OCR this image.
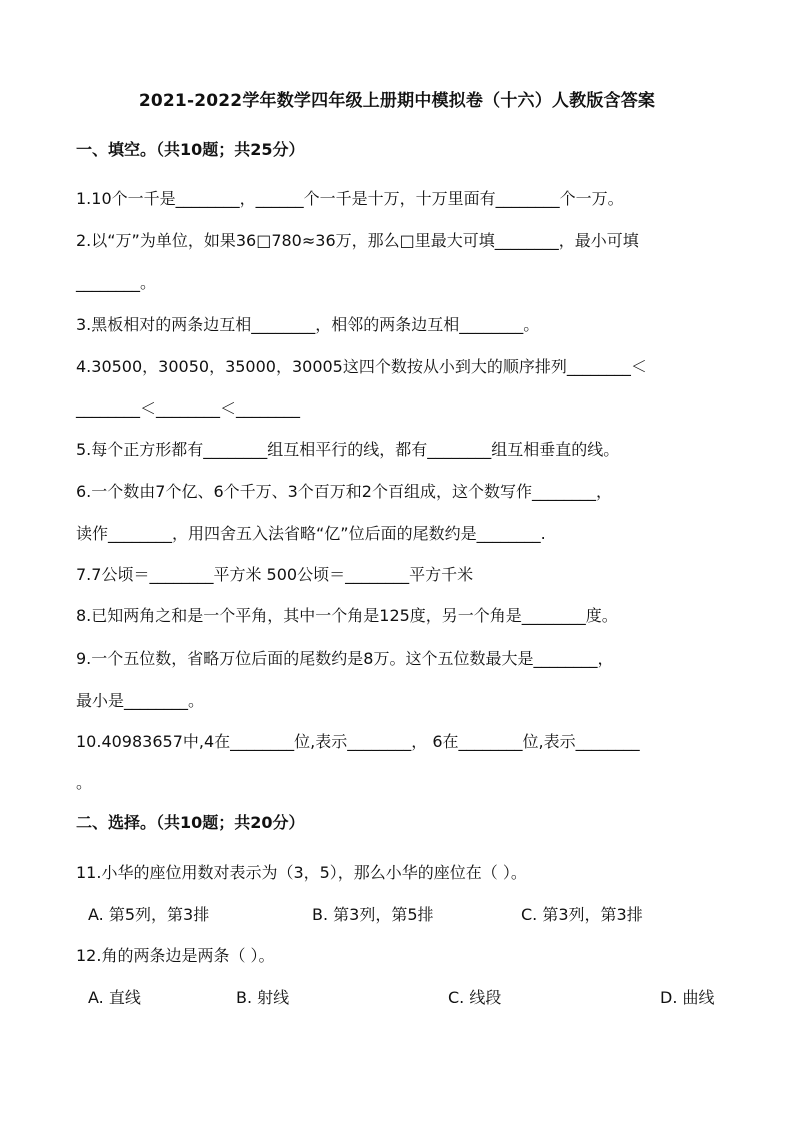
2021-2022学年数学四年级上册期中模拟卷（十六）人教版含答案
一、填空。（共10题；共25分）
1.10个一千是________，______个一千是十万，十万里面有________个一万。
2.以“万”为单位，如果36□780≈36万，那么□里最大可填________，最小可填
________。
3.黑板相对的两条边互相________，相邻的两条边互相________。
4.30500，30050，35000，30005这四个数按从小到大的顺序排列________＜
________＜________＜________
5.每个正方形都有________组互相平行的线，都有________组互相垂直的线。
6.一个数由7个亿、6个千万、3个百万和2个百组成，这个数写作________，
读作________，用四舍五入法省略“亿”位后面的尾数约是________.
7.7公顷＝________平方米 500公顷＝________平方千米
8.已知两角之和是一个平角，其中一个角是125度，另一个角是________度。
9.一个五位数，省略万位后面的尾数约是8万。这个五位数最大是________，
最小是________。
10.40983657中,4在________位,表示________， 6在________位,表示________
。
二、选择。（共10题；共20分）
11.小华的座位用数对表示为（3，5），那么小华的座位在（ ）。
A. 第5列，第3排	B. 第3列，第5排	C. 第3列，第3排
12.角的两条边是两条（ ）。
A. 直线	B. 射线	C. 线段	D. 曲线
